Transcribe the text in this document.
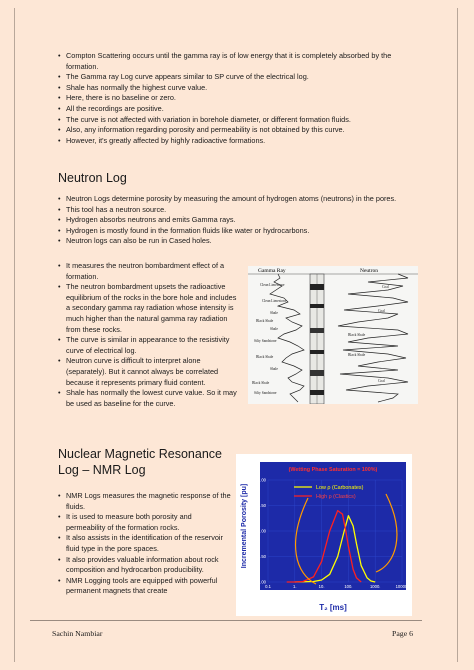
• Compton Scattering occurs until the gamma ray is of low energy that it is completely absorbed by the formation.
• The Gamma ray Log curve appears similar to SP curve of the electrical log.
• Shale has normally the highest curve value.
• Here, there is no baseline or zero.
• All the recordings are positive.
• The curve is not affected with variation in borehole diameter, or different formation fluids.
• Also, any information regarding porosity and permeability is not obtained by this curve.
• However, it's greatly affected by highly radioactive formations.
Neutron Log
• Neutron Logs determine porosity by measuring the amount of hydrogen atoms (neutrons) in the pores.
• This tool has a neutron source.
• Hydrogen absorbs neutrons and emits Gamma rays.
• Hydrogen is mostly found in the formation fluids like water or hydrocarbons.
• Neutron logs can also be run in Cased holes.
• It measures the neutron bombardment effect of a formation.
• The neutron bombardment upsets the radioactive equilibrium of the rocks in the bore hole and includes a secondary gamma ray radiation whose intensity is much higher than the natural gamma ray radiation from these rocks.
• The curve is similar in appearance to the resistivity curve of electrical log.
• Neutron curve is difficult to interpret alone (separately). But it cannot always be correlated because it represents primary fluid content.
• Shale has normally the lowest curve value. So it may be used as baseline for the curve.
Gamma Ray	Neutron
Clean Limestone
Clean Limestone
Shale
Black Shale
Shale
Silty Sandstone
Black Shale
Shale
Black Shale
Silty Sandstone
Coal
Coal
Black Shale
Black Shale
Coal
Nuclear Magnetic Resonance
Log – NMR Log
• NMR Logs measures the magnetic response of the fluids.
• It is used to measure both porosity and permeability of the formation rocks.
• It also assists in the identification of the reservoir fluid type in the pore spaces.
• It also provides valuable information about rock composition and hydrocarbon producibility.
• NMR Logging tools are equipped with powerful permanent magnets that create
(Wetting Phase Saturation = 100%)
0.00
0.50
1.00
1.50
2.00
0.1	1.	10.	100.	1000.	10000.
Low ρ (Carbonates)
High ρ (Clastics)
Incremental Porosity [pu]
T₂ [ms]
Sachin Nambiar	Page 6
